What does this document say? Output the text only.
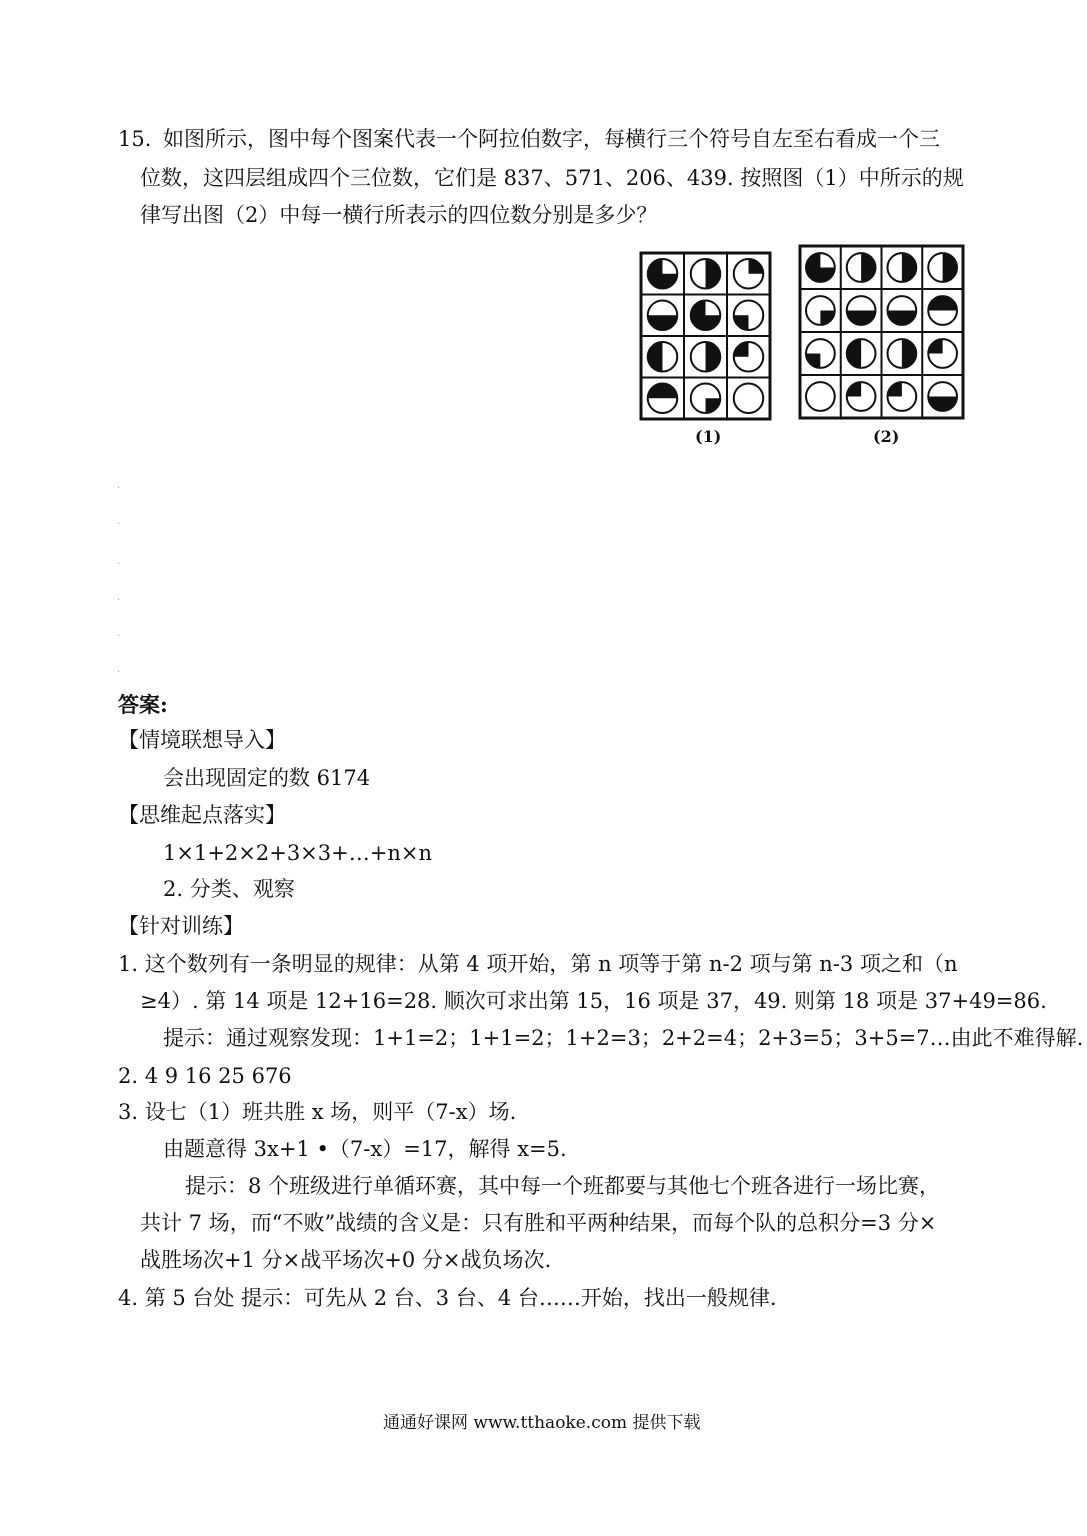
15. 如图所示，图中每个图案代表一个阿拉伯数字，每横行三个符号自左至右看成一个三
位数，这四层组成四个三位数，它们是 837、571、206、439. 按照图（1）中所示的规
律写出图（2）中每一横行所表示的四位数分别是多少？
(1)	(2)
.
.
.
.
.
.
答案:
【情境联想导入】
会出现固定的数 6174
【思维起点落实】
1×1+2×2+3×3+…+n×n
2. 分类、观察
【针对训练】
1. 这个数列有一条明显的规律：从第 4 项开始，第 n 项等于第 n-2 项与第 n-3 项之和（n
≥4）. 第 14 项是 12+16=28. 顺次可求出第 15，16 项是 37，49. 则第 18 项是 37+49=86.
提示：通过观察发现：1+1=2；1+1=2；1+2=3；2+2=4；2+3=5；3+5=7…由此不难得解.
2. 4 9 16 25 676
3. 设七（1）班共胜 x 场，则平（7-x）场.
由题意得 3x+1 •（7-x）=17，解得 x=5.
提示：8 个班级进行单循环赛，其中每一个班都要与其他七个班各进行一场比赛，
共计 7 场，而“不败”战绩的含义是：只有胜和平两种结果，而每个队的总积分=3 分×
战胜场次+1 分×战平场次+0 分×战负场次.
4. 第 5 台处 提示：可先从 2 台、3 台、4 台……开始，找出一般规律.
通通好课网 www.tthaoke.com 提供下载
